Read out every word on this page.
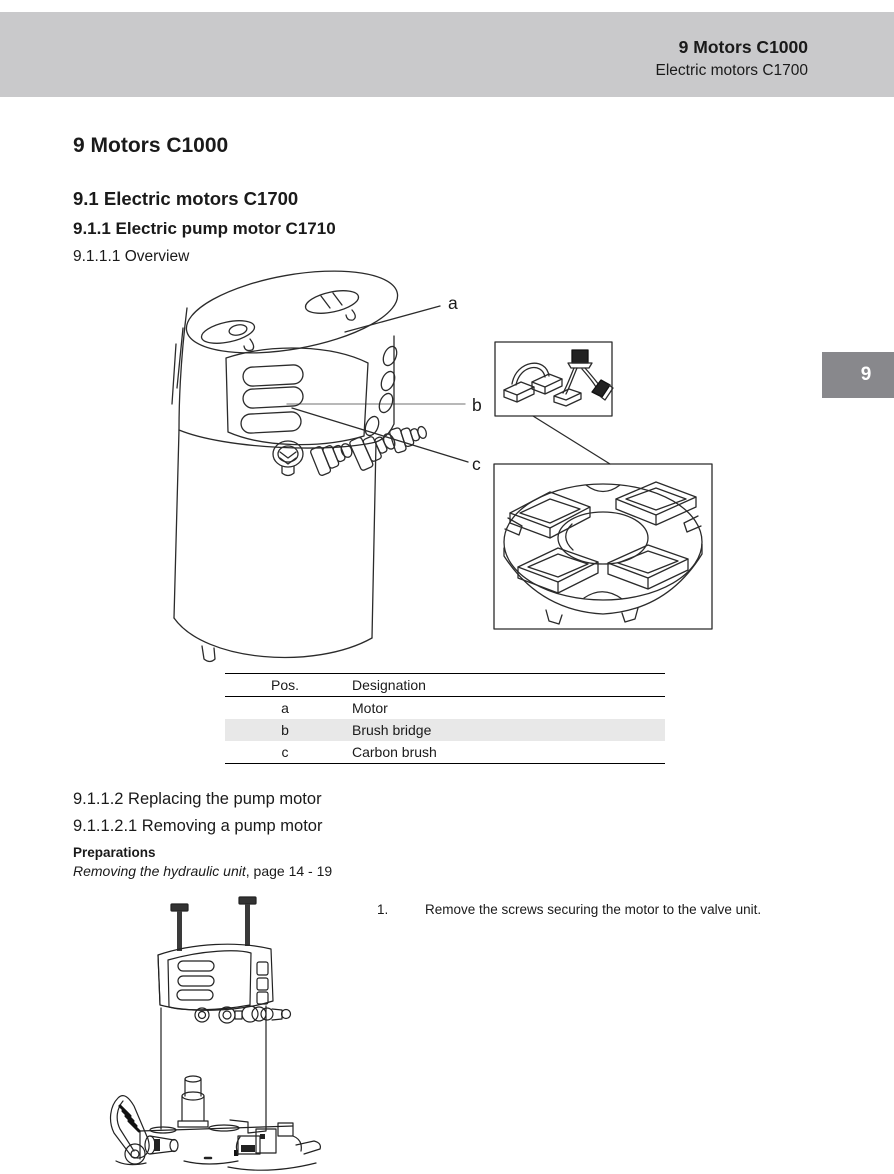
9 Motors C1000
Electric motors C1700
9
9 Motors C1000
9.1 Electric motors C1700
9.1.1 Electric pump motor C1710
9.1.1.1 Overview
a
b
c
Pos.	Designation
a	Motor
b	Brush bridge
c	Carbon brush
9.1.1.2 Replacing the pump motor
9.1.1.2.1 Removing a pump motor
Preparations
Removing the hydraulic unit, page 14 - 19
1.	Remove the screws securing the motor to the valve unit.
